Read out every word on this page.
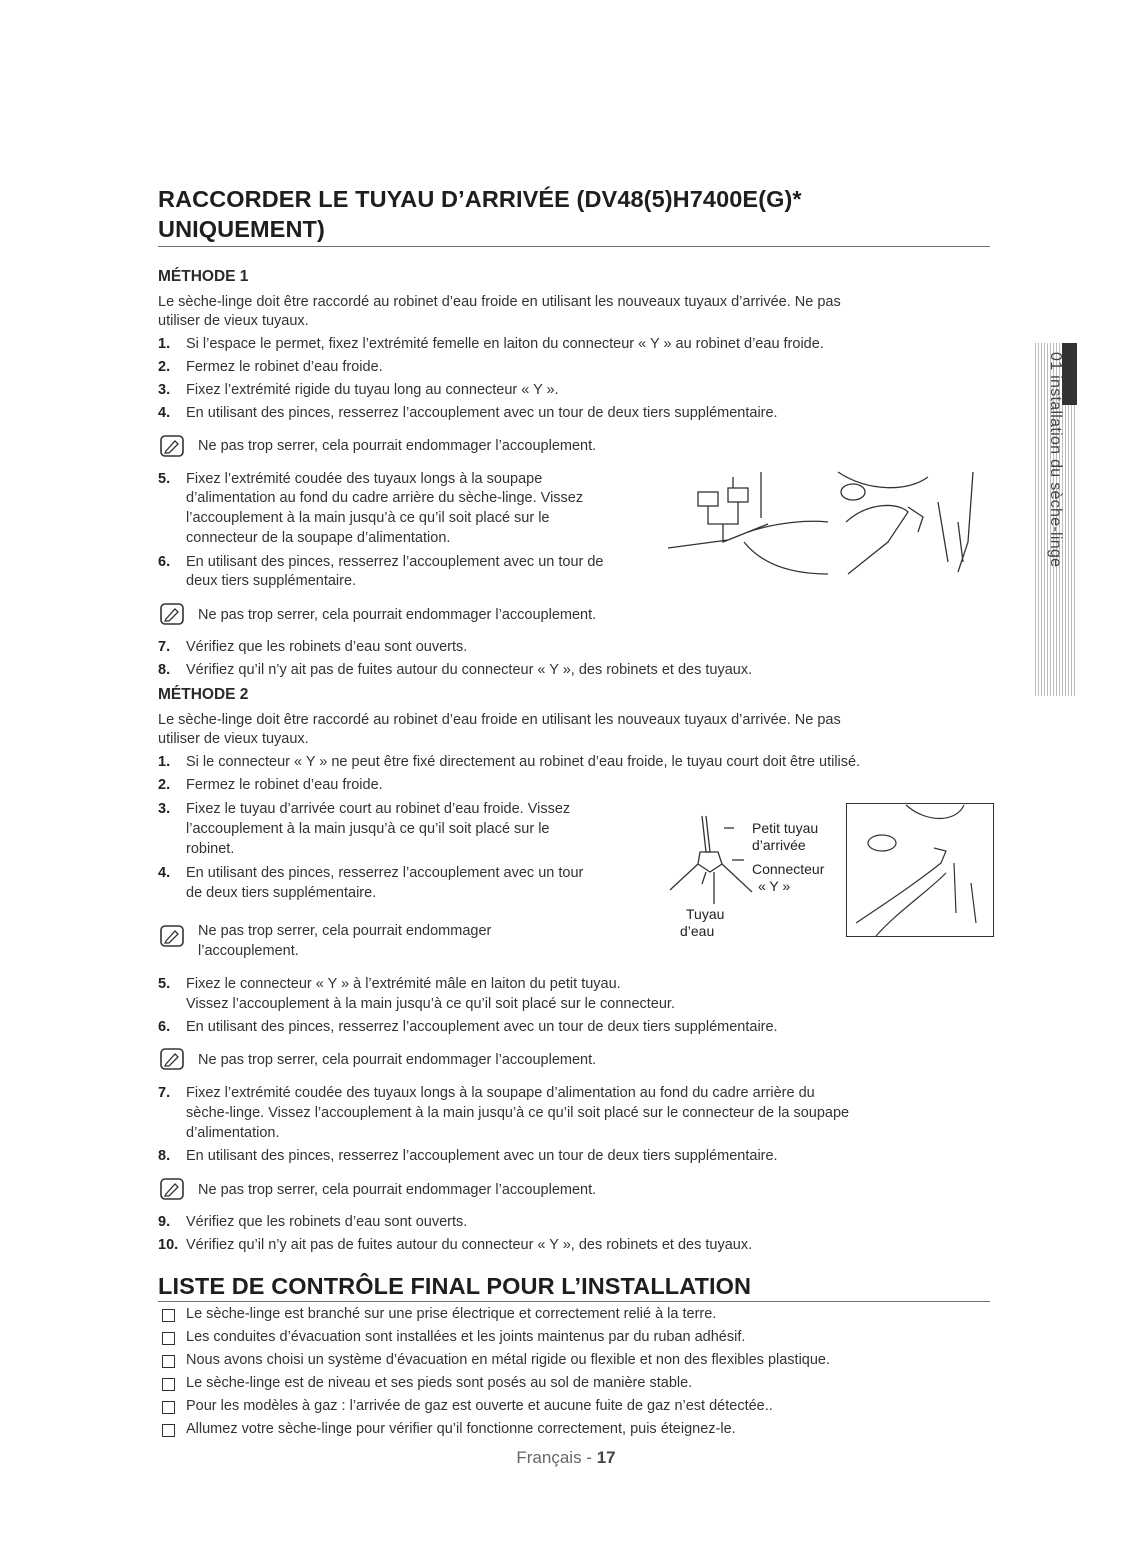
01 installation du sèche-linge
RACCORDER LE TUYAU D’ARRIVÉE (DV48(5)H7400E(G)*
UNIQUEMENT)
MÉTHODE 1
Le sèche-linge doit être raccordé au robinet d’eau froide en utilisant les nouveaux tuyaux d’arrivée. Ne pas
utiliser de vieux tuyaux.
1. Si l’espace le permet, fixez l’extrémité femelle en laiton du connecteur « Y » au robinet d’eau froide.
2. Fermez le robinet d’eau froide.
3. Fixez l’extrémité rigide du tuyau long au connecteur « Y ».
4. En utilisant des pinces, resserrez l’accouplement avec un tour de deux tiers supplémentaire.
Ne pas trop serrer, cela pourrait endommager l’accouplement.
5. Fixez l’extrémité coudée des tuyaux longs à la soupape
d’alimentation au fond du cadre arrière du sèche-linge. Vissez
l’accouplement à la main jusqu’à ce qu’il soit placé sur le
connecteur de la soupape d’alimentation.
6. En utilisant des pinces, resserrez l’accouplement avec un tour de
deux tiers supplémentaire.
Ne pas trop serrer, cela pourrait endommager l’accouplement.
7. Vérifiez que les robinets d’eau sont ouverts.
8. Vérifiez qu’il n’y ait pas de fuites autour du connecteur « Y », des robinets et des tuyaux.
MÉTHODE 2
Le sèche-linge doit être raccordé au robinet d’eau froide en utilisant les nouveaux tuyaux d’arrivée. Ne pas
utiliser de vieux tuyaux.
1. Si le connecteur « Y » ne peut être fixé directement au robinet d’eau froide, le tuyau court doit être utilisé.
2. Fermez le robinet d’eau froide.
3. Fixez le tuyau d’arrivée court au robinet d’eau froide. Vissez
l’accouplement à la main jusqu’à ce qu’il soit placé sur le
robinet.
4. En utilisant des pinces, resserrez l’accouplement avec un tour
de deux tiers supplémentaire.
Ne pas trop serrer, cela pourrait endommager
l’accouplement.
Petit tuyau
d’arrivée
Connecteur
« Y »
Tuyau
d’eau
5. Fixez le connecteur « Y » à l’extrémité mâle en laiton du petit tuyau.
Vissez l’accouplement à la main jusqu’à ce qu’il soit placé sur le connecteur.
6. En utilisant des pinces, resserrez l’accouplement avec un tour de deux tiers supplémentaire.
Ne pas trop serrer, cela pourrait endommager l’accouplement.
7. Fixez l’extrémité coudée des tuyaux longs à la soupape d’alimentation au fond du cadre arrière du
sèche-linge. Vissez l’accouplement à la main jusqu’à ce qu’il soit placé sur le connecteur de la soupape
d’alimentation.
8. En utilisant des pinces, resserrez l’accouplement avec un tour de deux tiers supplémentaire.
Ne pas trop serrer, cela pourrait endommager l’accouplement.
9. Vérifiez que les robinets d’eau sont ouverts.
10. Vérifiez qu’il n’y ait pas de fuites autour du connecteur « Y », des robinets et des tuyaux.
LISTE DE CONTRÔLE FINAL POUR L’INSTALLATION
Le sèche-linge est branché sur une prise électrique et correctement relié à la terre.
Les conduites d’évacuation sont installées et les joints maintenus par du ruban adhésif.
Nous avons choisi un système d’évacuation en métal rigide ou flexible et non des flexibles plastique.
Le sèche-linge est de niveau et ses pieds sont posés au sol de manière stable.
Pour les modèles à gaz : l’arrivée de gaz est ouverte et aucune fuite de gaz n’est détectée..
Allumez votre sèche-linge pour vérifier qu’il fonctionne correctement, puis éteignez-le.
Français - 17
